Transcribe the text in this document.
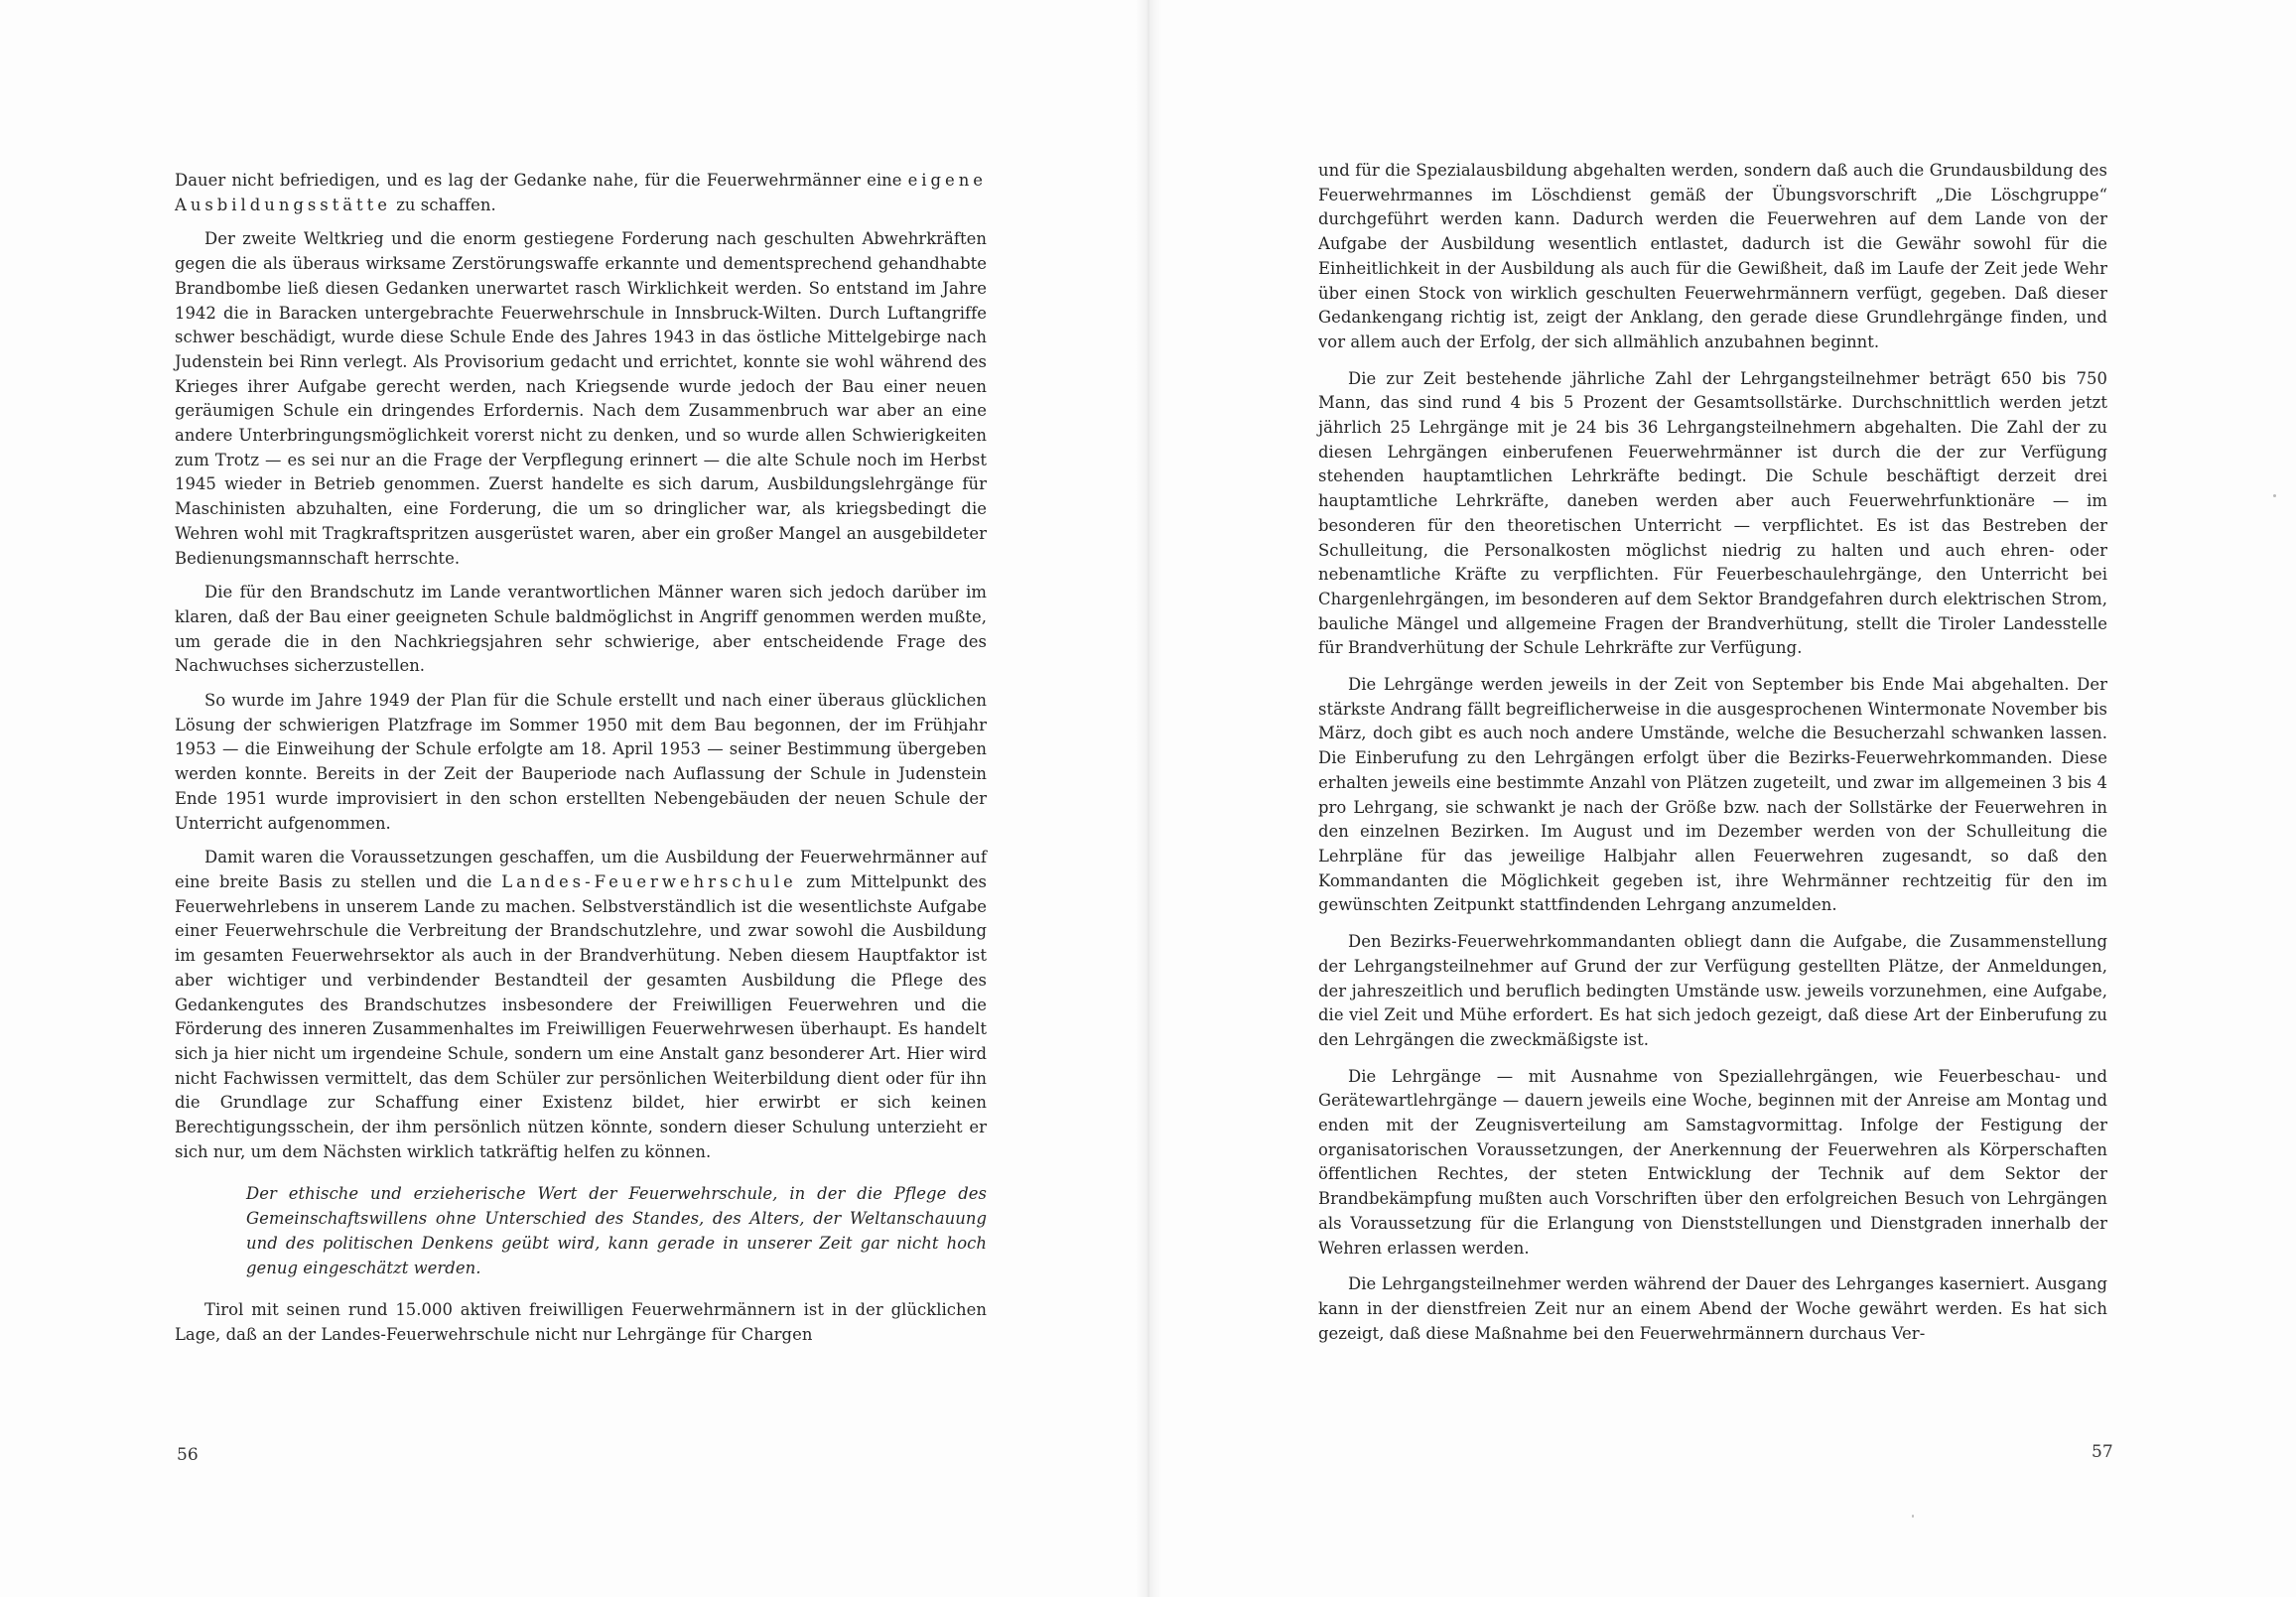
Dauer nicht befriedigen, und es lag der Gedanke nahe, für die Feuerwehrmänner eine eigene Ausbildungsstätte zu schaffen.

Der zweite Weltkrieg und die enorm gestiegene Forderung nach geschulten Abwehrkräften gegen die als überaus wirksame Zerstörungswaffe erkannte und dementsprechend gehandhabte Brandbombe ließ diesen Gedanken unerwartet rasch Wirklichkeit werden. So entstand im Jahre 1942 die in Baracken untergebrachte Feuerwehrschule in Innsbruck-Wilten. Durch Luftangriffe schwer beschädigt, wurde diese Schule Ende des Jahres 1943 in das östliche Mittelgebirge nach Judenstein bei Rinn verlegt. Als Provisorium gedacht und errichtet, konnte sie wohl während des Krieges ihrer Aufgabe gerecht werden, nach Kriegsende wurde jedoch der Bau einer neuen geräumigen Schule ein dringendes Erfordernis. Nach dem Zusammenbruch war aber an eine andere Unterbringungsmöglichkeit vorerst nicht zu denken, und so wurde allen Schwierigkeiten zum Trotz — es sei nur an die Frage der Verpflegung erinnert — die alte Schule noch im Herbst 1945 wieder in Betrieb genommen. Zuerst handelte es sich darum, Ausbildungslehrgänge für Maschinisten abzuhalten, eine Forderung, die um so dringlicher war, als kriegsbedingt die Wehren wohl mit Tragkraftspritzen ausgerüstet waren, aber ein großer Mangel an ausgebildeter Bedienungsmannschaft herrschte.

Die für den Brandschutz im Lande verantwortlichen Männer waren sich jedoch darüber im klaren, daß der Bau einer geeigneten Schule baldmöglichst in Angriff genommen werden mußte, um gerade die in den Nachkriegsjahren sehr schwierige, aber entscheidende Frage des Nachwuchses sicherzustellen.

So wurde im Jahre 1949 der Plan für die Schule erstellt und nach einer überaus glücklichen Lösung der schwierigen Platzfrage im Sommer 1950 mit dem Bau begonnen, der im Frühjahr 1953 — die Einweihung der Schule erfolgte am 18. April 1953 — seiner Bestimmung übergeben werden konnte. Bereits in der Zeit der Bauperiode nach Auflassung der Schule in Judenstein Ende 1951 wurde improvisiert in den schon erstellten Nebengebäuden der neuen Schule der Unterricht aufgenommen.

Damit waren die Voraussetzungen geschaffen, um die Ausbildung der Feuerwehrmänner auf eine breite Basis zu stellen und die Landes-Feuerwehrschule zum Mittelpunkt des Feuerwehrlebens in unserem Lande zu machen. Selbstverständlich ist die wesentlichste Aufgabe einer Feuerwehrschule die Verbreitung der Brandschutzlehre, und zwar sowohl die Ausbildung im gesamten Feuerwehrsektor als auch in der Brandverhütung. Neben diesem Hauptfaktor ist aber wichtiger und verbindender Bestandteil der gesamten Ausbildung die Pflege des Gedankengutes des Brandschutzes insbesondere der Freiwilligen Feuerwehren und die Förderung des inneren Zusammenhaltes im Freiwilligen Feuerwehrwesen überhaupt. Es handelt sich ja hier nicht um irgendeine Schule, sondern um eine Anstalt ganz besonderer Art. Hier wird nicht Fachwissen vermittelt, das dem Schüler zur persönlichen Weiterbildung dient oder für ihn die Grundlage zur Schaffung einer Existenz bildet, hier erwirbt er sich keinen Berechtigungsschein, der ihm persönlich nützen könnte, sondern dieser Schulung unterzieht er sich nur, um dem Nächsten wirklich tatkräftig helfen zu können.

Der ethische und erzieherische Wert der Feuerwehrschule, in der die Pflege des Gemeinschaftswillens ohne Unterschied des Standes, des Alters, der Weltanschauung und des politischen Denkens geübt wird, kann gerade in unserer Zeit gar nicht hoch genug eingeschätzt werden.

Tirol mit seinen rund 15.000 aktiven freiwilligen Feuerwehrmännern ist in der glücklichen Lage, daß an der Landes-Feuerwehrschule nicht nur Lehrgänge für Chargen

56

und für die Spezialausbildung abgehalten werden, sondern daß auch die Grundausbildung des Feuerwehrmannes im Löschdienst gemäß der Übungsvorschrift „Die Löschgruppe“ durchgeführt werden kann. Dadurch werden die Feuerwehren auf dem Lande von der Aufgabe der Ausbildung wesentlich entlastet, dadurch ist die Gewähr sowohl für die Einheitlichkeit in der Ausbildung als auch für die Gewißheit, daß im Laufe der Zeit jede Wehr über einen Stock von wirklich geschulten Feuerwehrmännern verfügt, gegeben. Daß dieser Gedankengang richtig ist, zeigt der Anklang, den gerade diese Grundlehrgänge finden, und vor allem auch der Erfolg, der sich allmählich anzubahnen beginnt.

Die zur Zeit bestehende jährliche Zahl der Lehrgangsteilnehmer beträgt 650 bis 750 Mann, das sind rund 4 bis 5 Prozent der Gesamtsollstärke. Durchschnittlich werden jetzt jährlich 25 Lehrgänge mit je 24 bis 36 Lehrgangsteilnehmern abgehalten. Die Zahl der zu diesen Lehrgängen einberufenen Feuerwehrmänner ist durch die der zur Verfügung stehenden hauptamtlichen Lehrkräfte bedingt. Die Schule beschäftigt derzeit drei hauptamtliche Lehrkräfte, daneben werden aber auch Feuerwehrfunktionäre — im besonderen für den theoretischen Unterricht — verpflichtet. Es ist das Bestreben der Schulleitung, die Personalkosten möglichst niedrig zu halten und auch ehren- oder nebenamtliche Kräfte zu verpflichten. Für Feuerbeschaulehrgänge, den Unterricht bei Chargenlehrgängen, im besonderen auf dem Sektor Brandgefahren durch elektrischen Strom, bauliche Mängel und allgemeine Fragen der Brandverhütung, stellt die Tiroler Landesstelle für Brandverhütung der Schule Lehrkräfte zur Verfügung.

Die Lehrgänge werden jeweils in der Zeit von September bis Ende Mai abgehalten. Der stärkste Andrang fällt begreiflicherweise in die ausgesprochenen Wintermonate November bis März, doch gibt es auch noch andere Umstände, welche die Besucherzahl schwanken lassen. Die Einberufung zu den Lehrgängen erfolgt über die Bezirks-Feuerwehrkommanden. Diese erhalten jeweils eine bestimmte Anzahl von Plätzen zugeteilt, und zwar im allgemeinen 3 bis 4 pro Lehrgang, sie schwankt je nach der Größe bzw. nach der Sollstärke der Feuerwehren in den einzelnen Bezirken. Im August und im Dezember werden von der Schulleitung die Lehrpläne für das jeweilige Halbjahr allen Feuerwehren zugesandt, so daß den Kommandanten die Möglichkeit gegeben ist, ihre Wehrmänner rechtzeitig für den im gewünschten Zeitpunkt stattfindenden Lehrgang anzumelden.

Den Bezirks-Feuerwehrkommandanten obliegt dann die Aufgabe, die Zusammenstellung der Lehrgangsteilnehmer auf Grund der zur Verfügung gestellten Plätze, der Anmeldungen, der jahreszeitlich und beruflich bedingten Umstände usw. jeweils vorzunehmen, eine Aufgabe, die viel Zeit und Mühe erfordert. Es hat sich jedoch gezeigt, daß diese Art der Einberufung zu den Lehrgängen die zweckmäßigste ist.

Die Lehrgänge — mit Ausnahme von Speziallehrgängen, wie Feuerbeschau- und Gerätewartlehrgänge — dauern jeweils eine Woche, beginnen mit der Anreise am Montag und enden mit der Zeugnisverteilung am Samstagvormittag. Infolge der Festigung der organisatorischen Voraussetzungen, der Anerkennung der Feuerwehren als Körperschaften öffentlichen Rechtes, der steten Entwicklung der Technik auf dem Sektor der Brandbekämpfung mußten auch Vorschriften über den erfolgreichen Besuch von Lehrgängen als Voraussetzung für die Erlangung von Dienststellungen und Dienstgraden innerhalb der Wehren erlassen werden.

Die Lehrgangsteilnehmer werden während der Dauer des Lehrganges kaserniert. Ausgang kann in der dienstfreien Zeit nur an einem Abend der Woche gewährt werden. Es hat sich gezeigt, daß diese Maßnahme bei den Feuerwehrmännern durchaus Ver-

57
